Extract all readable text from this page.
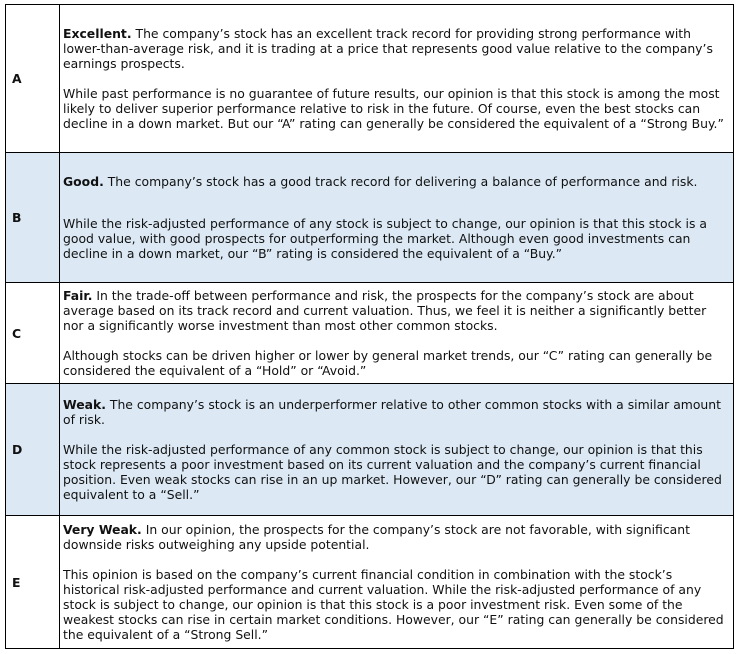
A	Excellent. The company’s stock has an excellent track record for providing strong performance with lower-than-average risk, and it is trading at a price that represents good value relative to the company’s earnings prospects.

While past performance is no guarantee of future results, our opinion is that this stock is among the most likely to deliver superior performance relative to risk in the future. Of course, even the best stocks can decline in a down market. But our “A” rating can generally be considered the equivalent of a “Strong Buy.”

B	Good. The company’s stock has a good track record for delivering a balance of performance and risk.

While the risk-adjusted performance of any stock is subject to change, our opinion is that this stock is a good value, with good prospects for outperforming the market. Although even good investments can decline in a down market, our “B” rating is considered the equivalent of a “Buy.”

C	Fair. In the trade-off between performance and risk, the prospects for the company’s stock are about average based on its track record and current valuation. Thus, we feel it is neither a significantly better nor a significantly worse investment than most other common stocks.

Although stocks can be driven higher or lower by general market trends, our “C” rating can generally be considered the equivalent of a “Hold” or “Avoid.”

D	Weak. The company’s stock is an underperformer relative to other common stocks with a similar amount of risk.

While the risk-adjusted performance of any common stock is subject to change, our opinion is that this stock represents a poor investment based on its current valuation and the company’s current financial position. Even weak stocks can rise in an up market. However, our “D” rating can generally be considered equivalent to a “Sell.”

E	Very Weak. In our opinion, the prospects for the company’s stock are not favorable, with significant downside risks outweighing any upside potential.

This opinion is based on the company’s current financial condition in combination with the stock’s historical risk-adjusted performance and current valuation. While the risk-adjusted performance of any stock is subject to change, our opinion is that this stock is a poor investment risk. Even some of the weakest stocks can rise in certain market conditions. However, our “E” rating can generally be considered the equivalent of a “Strong Sell.”
